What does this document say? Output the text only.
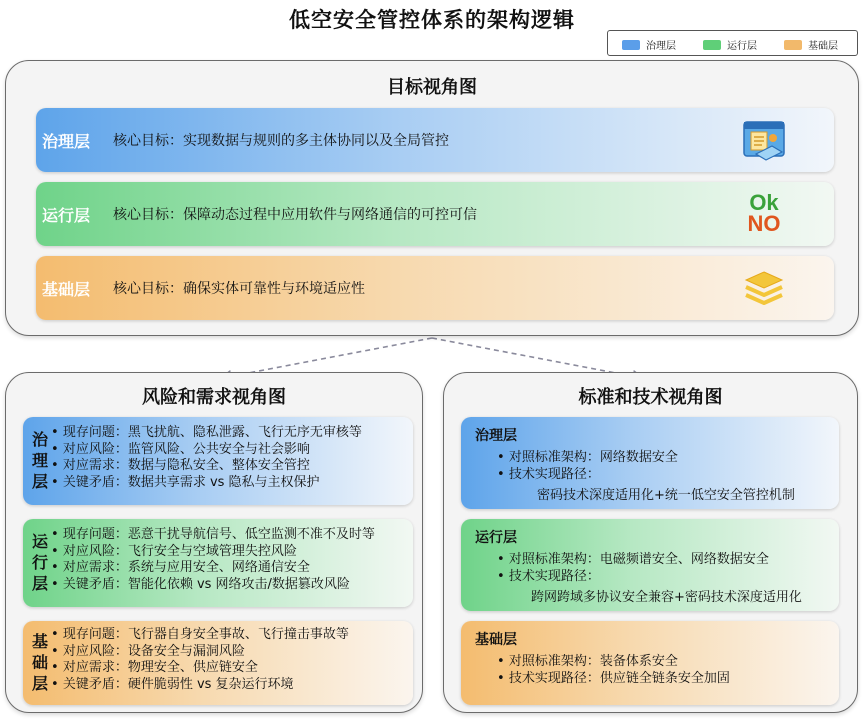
低空安全管控体系的架构逻辑
治理层	运行层	基础层
目标视角图
治理层 核心目标：实现数据与规则的多主体协同以及全局管控
运行层 核心目标：保障动态过程中应用软件与网络通信的可控可信	Ok
NO
基础层 核心目标：确保实体可靠性与环境适应性
风险和需求视角图
治
理
层
• 现存问题：黑飞扰航、隐私泄露、飞行无序无审核等
• 对应风险：监管风险、公共安全与社会影响
• 对应需求：数据与隐私安全、整体安全管控
• 关键矛盾：数据共享需求 vs 隐私与主权保护
运
行
层
• 现存问题：恶意干扰导航信号、低空监测不准不及时等
• 对应风险：飞行安全与空域管理失控风险
• 对应需求：系统与应用安全、网络通信安全
• 关键矛盾：智能化依赖 vs 网络攻击/数据篡改风险
基
础
层
• 现存问题：飞行器自身安全事故、飞行撞击事故等
• 对应风险：设备安全与漏洞风险
• 对应需求：物理安全、供应链安全
• 关键矛盾：硬件脆弱性 vs 复杂运行环境
标准和技术视角图
治理层
• 对照标准架构：网络数据安全
• 技术实现路径：
密码技术深度适用化+统一低空安全管控机制
运行层
• 对照标准架构：电磁频谱安全、网络数据安全
• 技术实现路径：
跨网跨域多协议安全兼容+密码技术深度适用化
基础层
• 对照标准架构：装备体系安全
• 技术实现路径：供应链全链条安全加固
